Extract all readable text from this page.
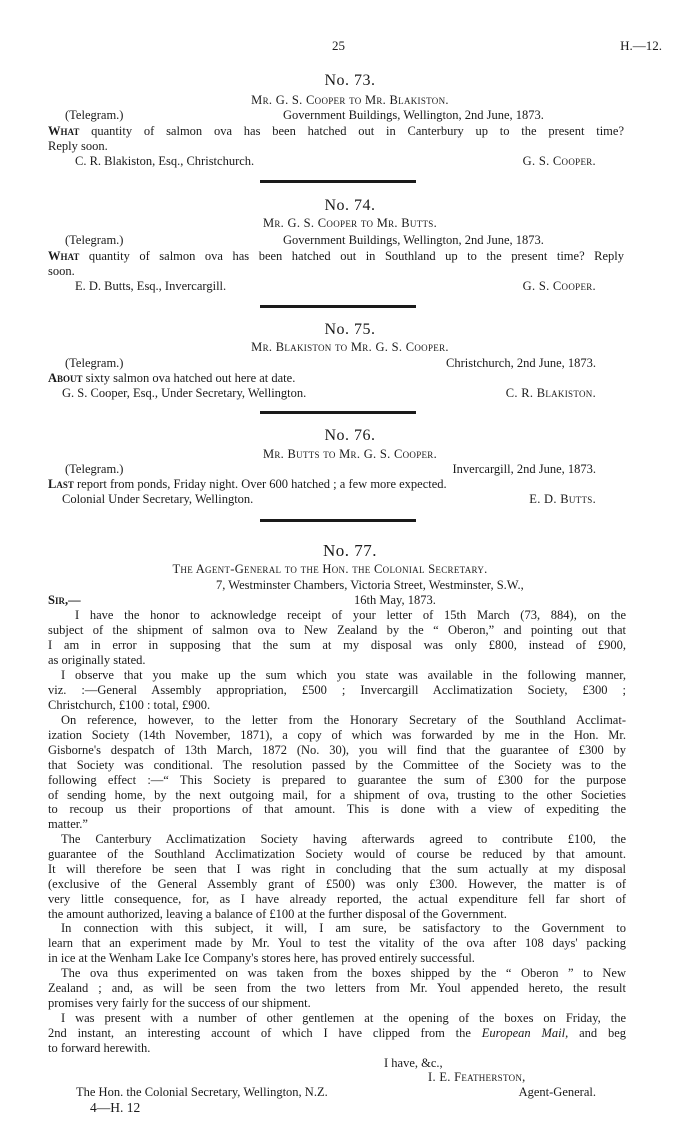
25	H.—12.
No. 73.
Mr. G. S. Cooper to Mr. Blakiston.
(Telegram.)	Government Buildings, Wellington, 2nd June, 1873.
What quantity of salmon ova has been hatched out in Canterbury up to the present time?
Reply soon.
C. R. Blakiston, Esq., Christchurch.	G. S. Cooper.
No. 74.
Mr. G. S. Cooper to Mr. Butts.
(Telegram.)	Government Buildings, Wellington, 2nd June, 1873.
What quantity of salmon ova has been hatched out in Southland up to the present time? Reply
soon.
E. D. Butts, Esq., Invercargill.	G. S. Cooper.
No. 75.
Mr. Blakiston to Mr. G. S. Cooper.
(Telegram.)	Christchurch, 2nd June, 1873.
About sixty salmon ova hatched out here at date.
G. S. Cooper, Esq., Under Secretary, Wellington.	C. R. Blakiston.
No. 76.
Mr. Butts to Mr. G. S. Cooper.
(Telegram.)	Invercargill, 2nd June, 1873.
Last report from ponds, Friday night. Over 600 hatched ; a few more expected.
Colonial Under Secretary, Wellington.	E. D. Butts.
No. 77.
The Agent-General to the Hon. the Colonial Secretary.
7, Westminster Chambers, Victoria Street, Westminster, S.W.,
Sir,—	16th May, 1873.
I have the honor to acknowledge receipt of your letter of 15th March (73, 884), on the
subject of the shipment of salmon ova to New Zealand by the “ Oberon,” and pointing out that
I am in error in supposing that the sum at my disposal was only £800, instead of £900,
as originally stated.
I observe that you make up the sum which you state was available in the following manner,
viz. :—General Assembly appropriation, £500 ; Invercargill Acclimatization Society, £300 ;
Christchurch, £100 : total, £900.
On reference, however, to the letter from the Honorary Secretary of the Southland Acclimat-
ization Society (14th November, 1871), a copy of which was forwarded by me in the Hon. Mr.
Gisborne's despatch of 13th March, 1872 (No. 30), you will find that the guarantee of £300 by
that Society was conditional. The resolution passed by the Committee of the Society was to the
following effect :—“ This Society is prepared to guarantee the sum of £300 for the purpose
of sending home, by the next outgoing mail, for a shipment of ova, trusting to the other Societies
to recoup us their proportions of that amount. This is done with a view of expediting the
matter.”
The Canterbury Acclimatization Society having afterwards agreed to contribute £100, the
guarantee of the Southland Acclimatization Society would of course be reduced by that amount.
It will therefore be seen that I was right in concluding that the sum actually at my disposal
(exclusive of the General Assembly grant of £500) was only £300. However, the matter is of
very little consequence, for, as I have already reported, the actual expenditure fell far short of
the amount authorized, leaving a balance of £100 at the further disposal of the Government.
In connection with this subject, it will, I am sure, be satisfactory to the Government to
learn that an experiment made by Mr. Youl to test the vitality of the ova after 108 days' packing
in ice at the Wenham Lake Ice Company's stores here, has proved entirely successful.
The ova thus experimented on was taken from the boxes shipped by the “ Oberon ” to New
Zealand ; and, as will be seen from the two letters from Mr. Youl appended hereto, the result
promises very fairly for the success of our shipment.
I was present with a number of other gentlemen at the opening of the boxes on Friday, the
2nd instant, an interesting account of which I have clipped from the European Mail, and beg
to forward herewith.
I have, &c.,
I. E. Featherston,
The Hon. the Colonial Secretary, Wellington, N.Z.	Agent-General.
4—H. 12
